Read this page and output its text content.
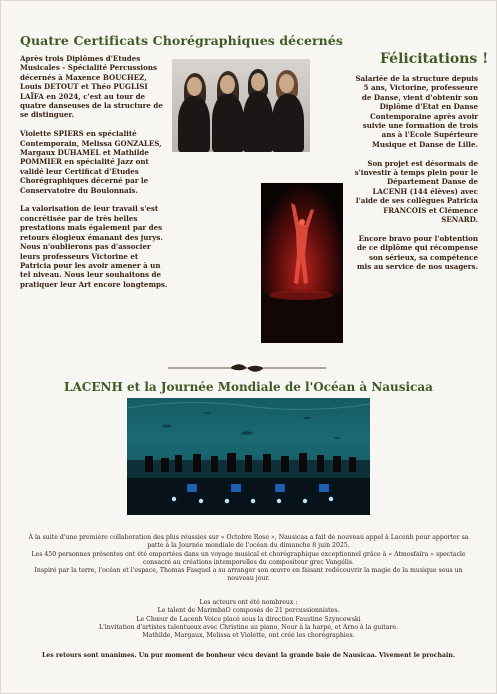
Quatre Certificats Chorégraphiques décernés

Après trois Diplômes d'Etudes Musicales - Spécialité Percussions décernés à Maxence BOUCHEZ, Louis DETOUT et Théo PUGLISI LAÏFA en 2024, c'est au tour de quatre danseuses de la structure de se distinguer.

Violette SPIERS en spécialité Contemporain, Melissa GONZALES, Margaux DUHAMEL et Mathilde POMMIER en spécialité Jazz ont validé leur Certificat d'Etudes Chorégraphiques décerné par le Conservatoire du Boulonnais.

La valorisation de leur travail s'est concrétisée par de très belles prestations mais également par des retours élogieux émanant des jurys. Nous n'oublierons pas d'associer leurs professeurs Victorine et Patricia pour les avoir amener à un tel niveau. Nous leur souhaitons de pratiquer leur Art encore longtemps.

Félicitations !

Salariée de la structure depuis 5 ans, Victorine, professeure de Danse, vient d'obtenir son Diplôme d'Etat en Danse Contemporaine après avoir suivie une formation de trois ans à l'Ecole Supérieure Musique et Danse de Lille.

Son projet est désormais de s'investir à temps plein pour le Département Danse de LACENH (144 élèves) avec l'aide de ses collègues Patricia FRANCOIS et Clémence SENARD.

Encore bravo pour l'obtention de ce diplôme qui récompense son sérieux, sa compétence mis au service de nos usagers.

LACENH et la Journée Mondiale de l'Océan à Nausicaa
À la suite d'une première collaboration des plus réussies sur « Octobre Rose », Nausicaa a fait de nouveau appel à Lacenh pour apporter sa patte à la Journée mondiale de l'océan du dimanche 8 juin 2025.
Les 450 personnes présentes ont été emportées dans un voyage musical et chorégraphique exceptionnel grâce à « Atmosfaïra » spectacle consacré au créations intemporelles du compositeur grec Vangélis.
Inspiré par la terre, l'océan et l'espace, Thomas Fasquel a su arranger son œuvre en faisant redécouvrir la magie de la musique sous un nouveau jour.
Les acteurs ont été nombreux :
Le talent de MarimbaO composés de 21 percussionnistes.
Le Chœur de Lacenh Voice placé sous la direction Faustine Szyncewski
L'invitation d'artistes talentueux avec Christine au piano, Nour à la harpe, et Arno à la guitare.
Mathilde, Margaux, Melissa et Violette, ont créé les chorégraphies.
Les retours sont unanimes. Un pur moment de bonheur vécu devant la grande baie de Nausicaa. Vivement le prochain.
